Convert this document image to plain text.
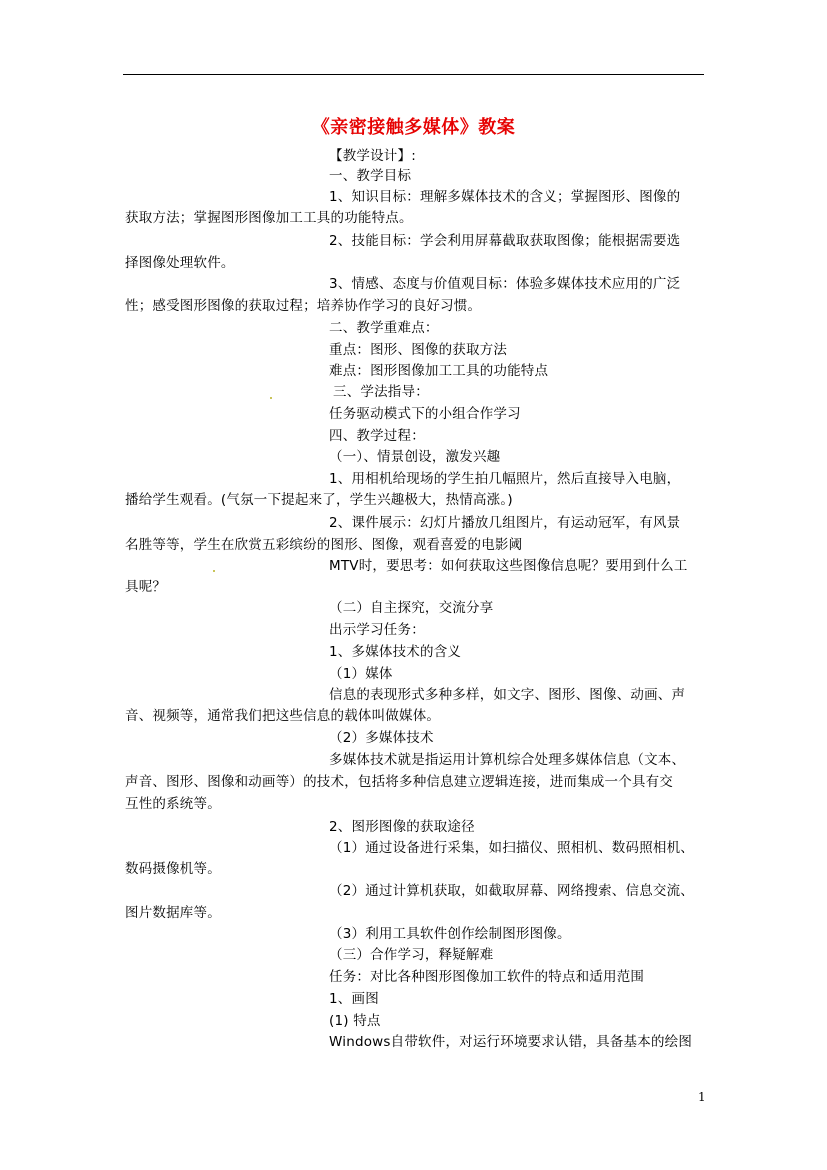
《亲密接触多媒体》教案
【教学设计】:
一、教学目标
1、知识目标：理解多媒体技术的含义；掌握图形、图像的
获取方法；掌握图形图像加工工具的功能特点。
2、技能目标：学会利用屏幕截取获取图像；能根据需要选
择图像处理软件。
3、情感、态度与价值观目标：体验多媒体技术应用的广泛
性；感受图形图像的获取过程；培养协作学习的良好习惯。
二、教学重难点：
重点：图形、图像的获取方法
难点：图形图像加工工具的功能特点
三、学法指导：
任务驱动模式下的小组合作学习
四、教学过程：
（一）、情景创设，激发兴趣
1、用相机给现场的学生拍几幅照片，然后直接导入电脑，
播给学生观看。(气氛一下提起来了，学生兴趣极大，热情高涨。)
2、课件展示：幻灯片播放几组图片，有运动冠军，有风景
名胜等等，学生在欣赏五彩缤纷的图形、图像，观看喜爱的电影阈
MTV时，要思考：如何获取这些图像信息呢？要用到什么工
具呢？
（二）自主探究，交流分享
出示学习任务：
1、多媒体技术的含义
（1）媒体
信息的表现形式多种多样，如文字、图形、图像、动画、声
音、视频等，通常我们把这些信息的载体叫做媒体。
（2）多媒体技术
多媒体技术就是指运用计算机综合处理多媒体信息（文本、
声音、图形、图像和动画等）的技术，包括将多种信息建立逻辑连接，进而集成一个具有交
互性的系统等。
2、图形图像的获取途径
（1）通过设备进行采集，如扫描仪、照相机、数码照相机、
数码摄像机等。
（2）通过计算机获取，如截取屏幕、网络搜索、信息交流、
图片数据库等。
（3）利用工具软件创作绘制图形图像。
（三）合作学习，释疑解难
任务：对比各种图形图像加工软件的特点和适用范围
1、画图
(1) 特点
Windows自带软件，对运行环境要求认错，具备基本的绘图
1
